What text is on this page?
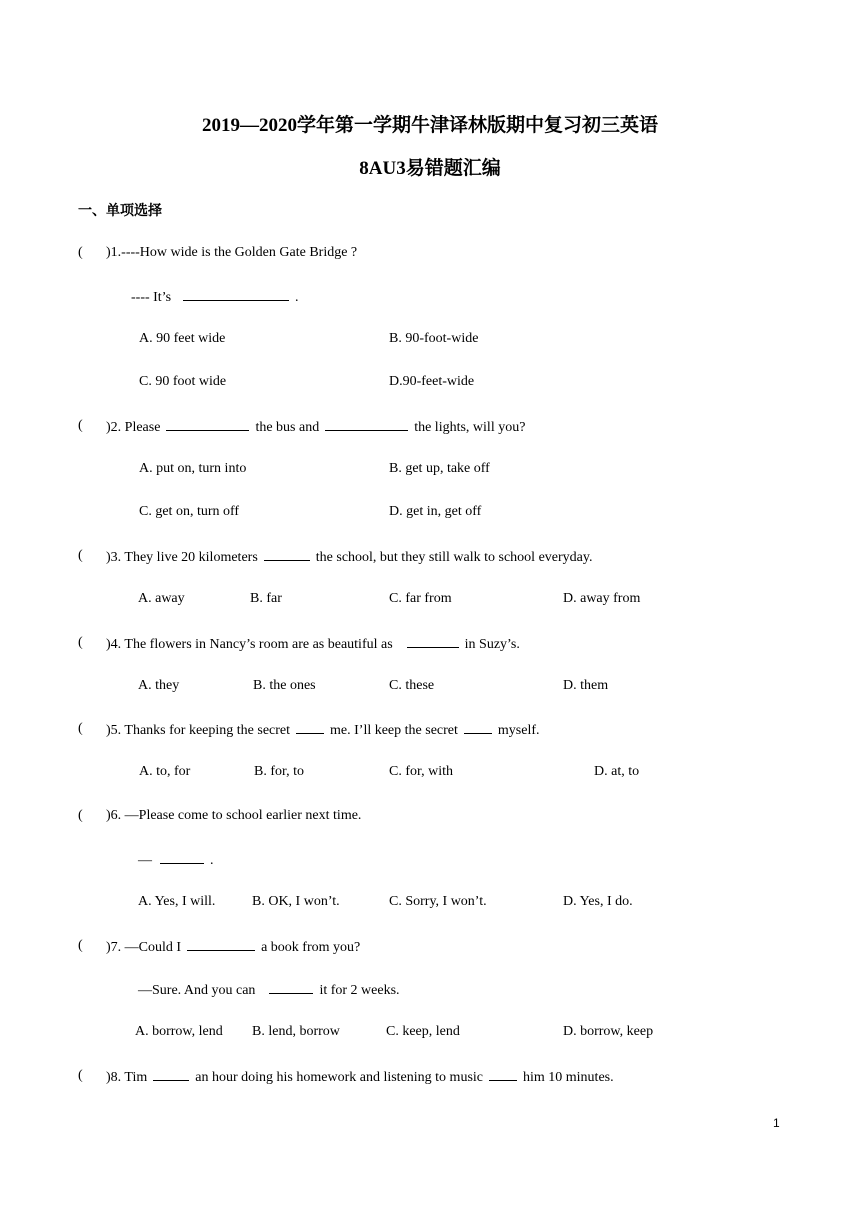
2019—2020学年第一学期牛津译林版期中复习初三英语
8AU3易错题汇编
一、单项选择
( )1.----How wide is the Golden Gate Bridge ?
---- It’s	.
A. 90 feet wide	B. 90-foot-wide
C. 90 foot wide	D.90-feet-wide
( )2. Please	the bus and	the lights, will you?
A. put on, turn into	B. get up, take off
C. get on, turn off	D. get in, get off
( )3. They live 20 kilometers	the school, but they still walk to school everyday.
A. away	B. far	C. far from	D. away from
( )4. The flowers in Nancy’s room are as beautiful as	in Suzy’s.
A. they	B. the ones	C. these	D. them
( )5. Thanks for keeping the secret	me. I’ll keep the secret	myself.
A. to, for	B. for, to	C. for, with	D. at, to
( )6. —Please come to school earlier next time.
—	.
A. Yes, I will.	B. OK, I won’t.	C. Sorry, I won’t.	D. Yes, I do.
( )7. —Could I	a book from you?
—Sure. And you can	it for 2 weeks.
A. borrow, lend B. lend, borrow	C. keep, lend	D. borrow, keep
( )8. Tim	an hour doing his homework and listening to music	him 10 minutes.
1
